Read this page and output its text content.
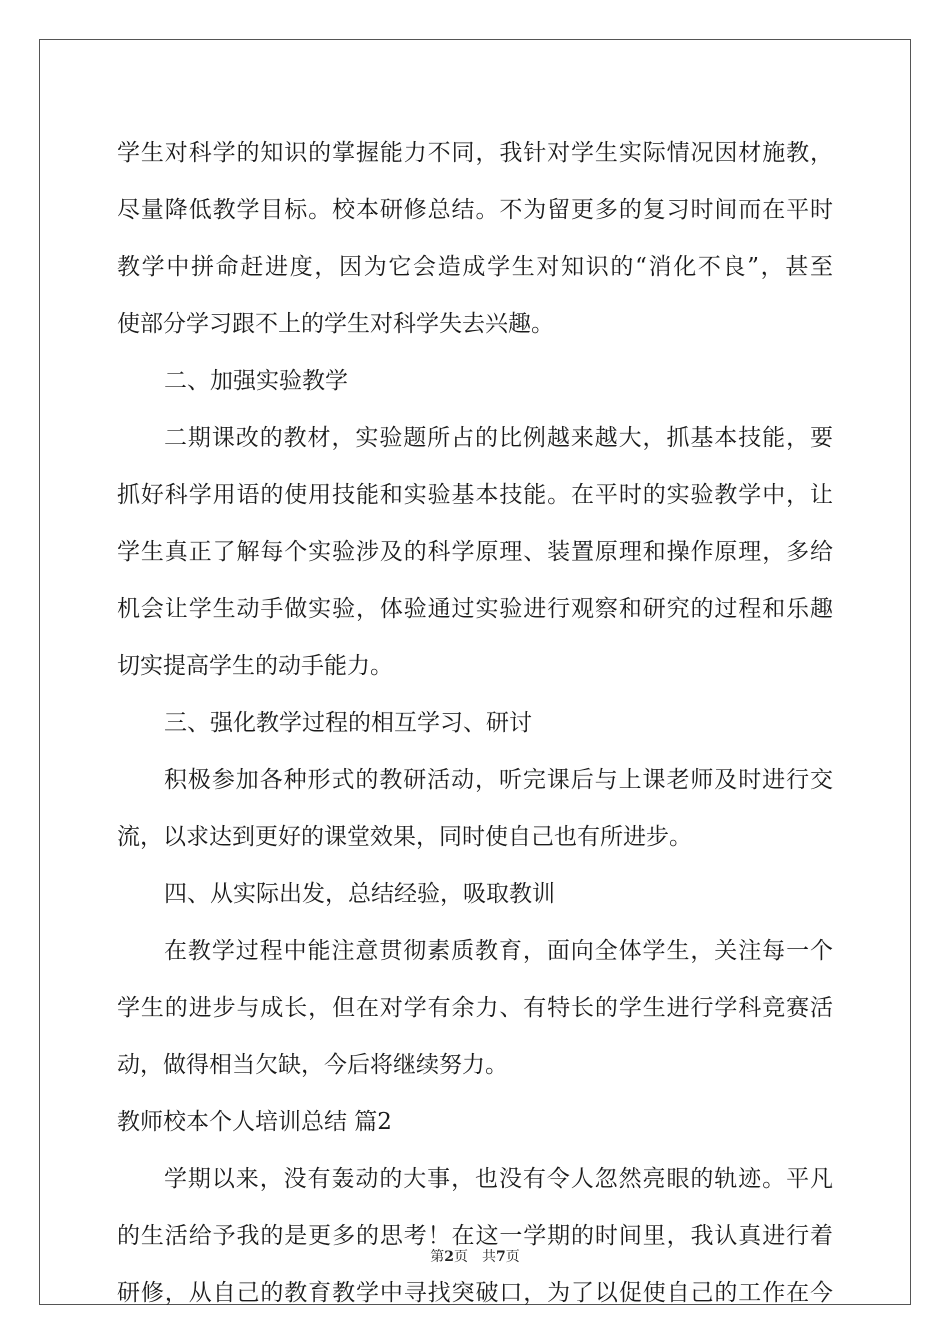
学生对科学的知识的掌握能力不同，我针对学生实际情况因材施教，
尽量降低教学目标。校本研修总结。不为留更多的复习时间而在平时
教学中拼命赶进度，因为它会造成学生对知识的“消化不良”，甚至
使部分学习跟不上的学生对科学失去兴趣。
二、加强实验教学
二期课改的教材，实验题所占的比例越来越大，抓基本技能，要
抓好科学用语的使用技能和实验基本技能。在平时的实验教学中，让
学生真正了解每个实验涉及的科学原理、装置原理和操作原理，多给
机会让学生动手做实验，体验通过实验进行观察和研究的过程和乐趣
切实提高学生的动手能力。
三、强化教学过程的相互学习、研讨
积极参加各种形式的教研活动，听完课后与上课老师及时进行交
流，以求达到更好的课堂效果，同时使自己也有所进步。
四、从实际出发，总结经验，吸取教训
在教学过程中能注意贯彻素质教育，面向全体学生，关注每一个
学生的进步与成长，但在对学有余力、有特长的学生进行学科竞赛活
动，做得相当欠缺，今后将继续努力。
教师校本个人培训总结 篇2
学期以来，没有轰动的大事，也没有令人忽然亮眼的轨迹。平凡
的生活给予我的是更多的思考！在这一学期的时间里，我认真进行着
研修，从自己的教育教学中寻找突破口，为了以促使自己的工作在今
第2页　共7页
